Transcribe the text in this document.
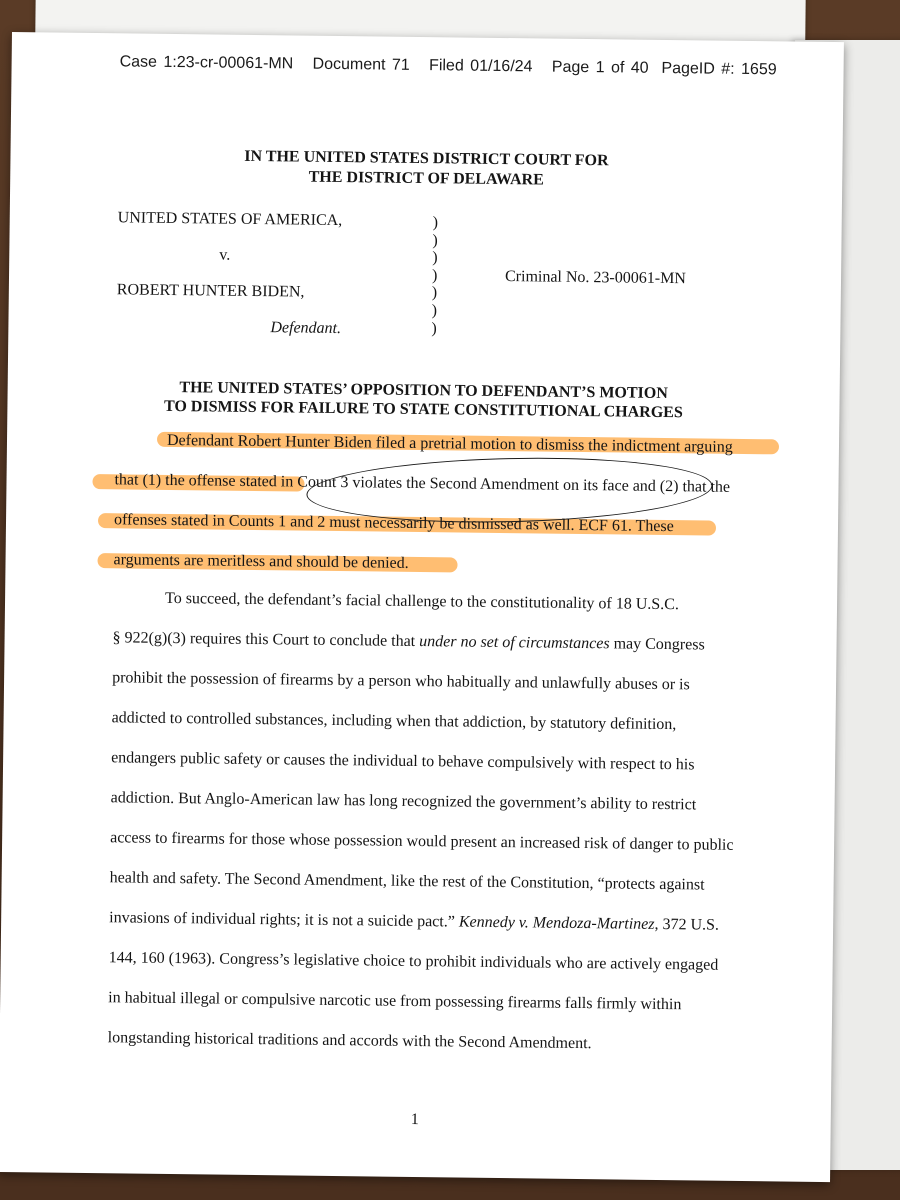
Case 1:23-cr-00061-MN Document 71 Filed 01/16/24 Page 1 of 40 PageID #: 1659
IN THE UNITED STATES DISTRICT COURT FOR
THE DISTRICT OF DELAWARE
UNITED STATES OF AMERICA,
v.
ROBERT HUNTER BIDEN,
Defendant.
Criminal No. 23-00061-MN
)
)
)
)
)
)
)
THE UNITED STATES’ OPPOSITION TO DEFENDANT’S MOTION
TO DISMISS FOR FAILURE TO STATE CONSTITUTIONAL CHARGES
Defendant Robert Hunter Biden filed a pretrial motion to dismiss the indictment arguing
that (1) the offense stated in Count 3 violates the Second Amendment on its face and (2) that the
offenses stated in Counts 1 and 2 must necessarily be dismissed as well. ECF 61. These
arguments are meritless and should be denied.
To succeed, the defendant’s facial challenge to the constitutionality of 18 U.S.C.
§ 922(g)(3) requires this Court to conclude that under no set of circumstances may Congress
prohibit the possession of firearms by a person who habitually and unlawfully abuses or is
addicted to controlled substances, including when that addiction, by statutory definition,
endangers public safety or causes the individual to behave compulsively with respect to his
addiction. But Anglo-American law has long recognized the government’s ability to restrict
access to firearms for those whose possession would present an increased risk of danger to public
health and safety. The Second Amendment, like the rest of the Constitution, “protects against
invasions of individual rights; it is not a suicide pact.” Kennedy v. Mendoza-Martinez, 372 U.S.
144, 160 (1963). Congress’s legislative choice to prohibit individuals who are actively engaged
in habitual illegal or compulsive narcotic use from possessing firearms falls firmly within
longstanding historical traditions and accords with the Second Amendment.
1
